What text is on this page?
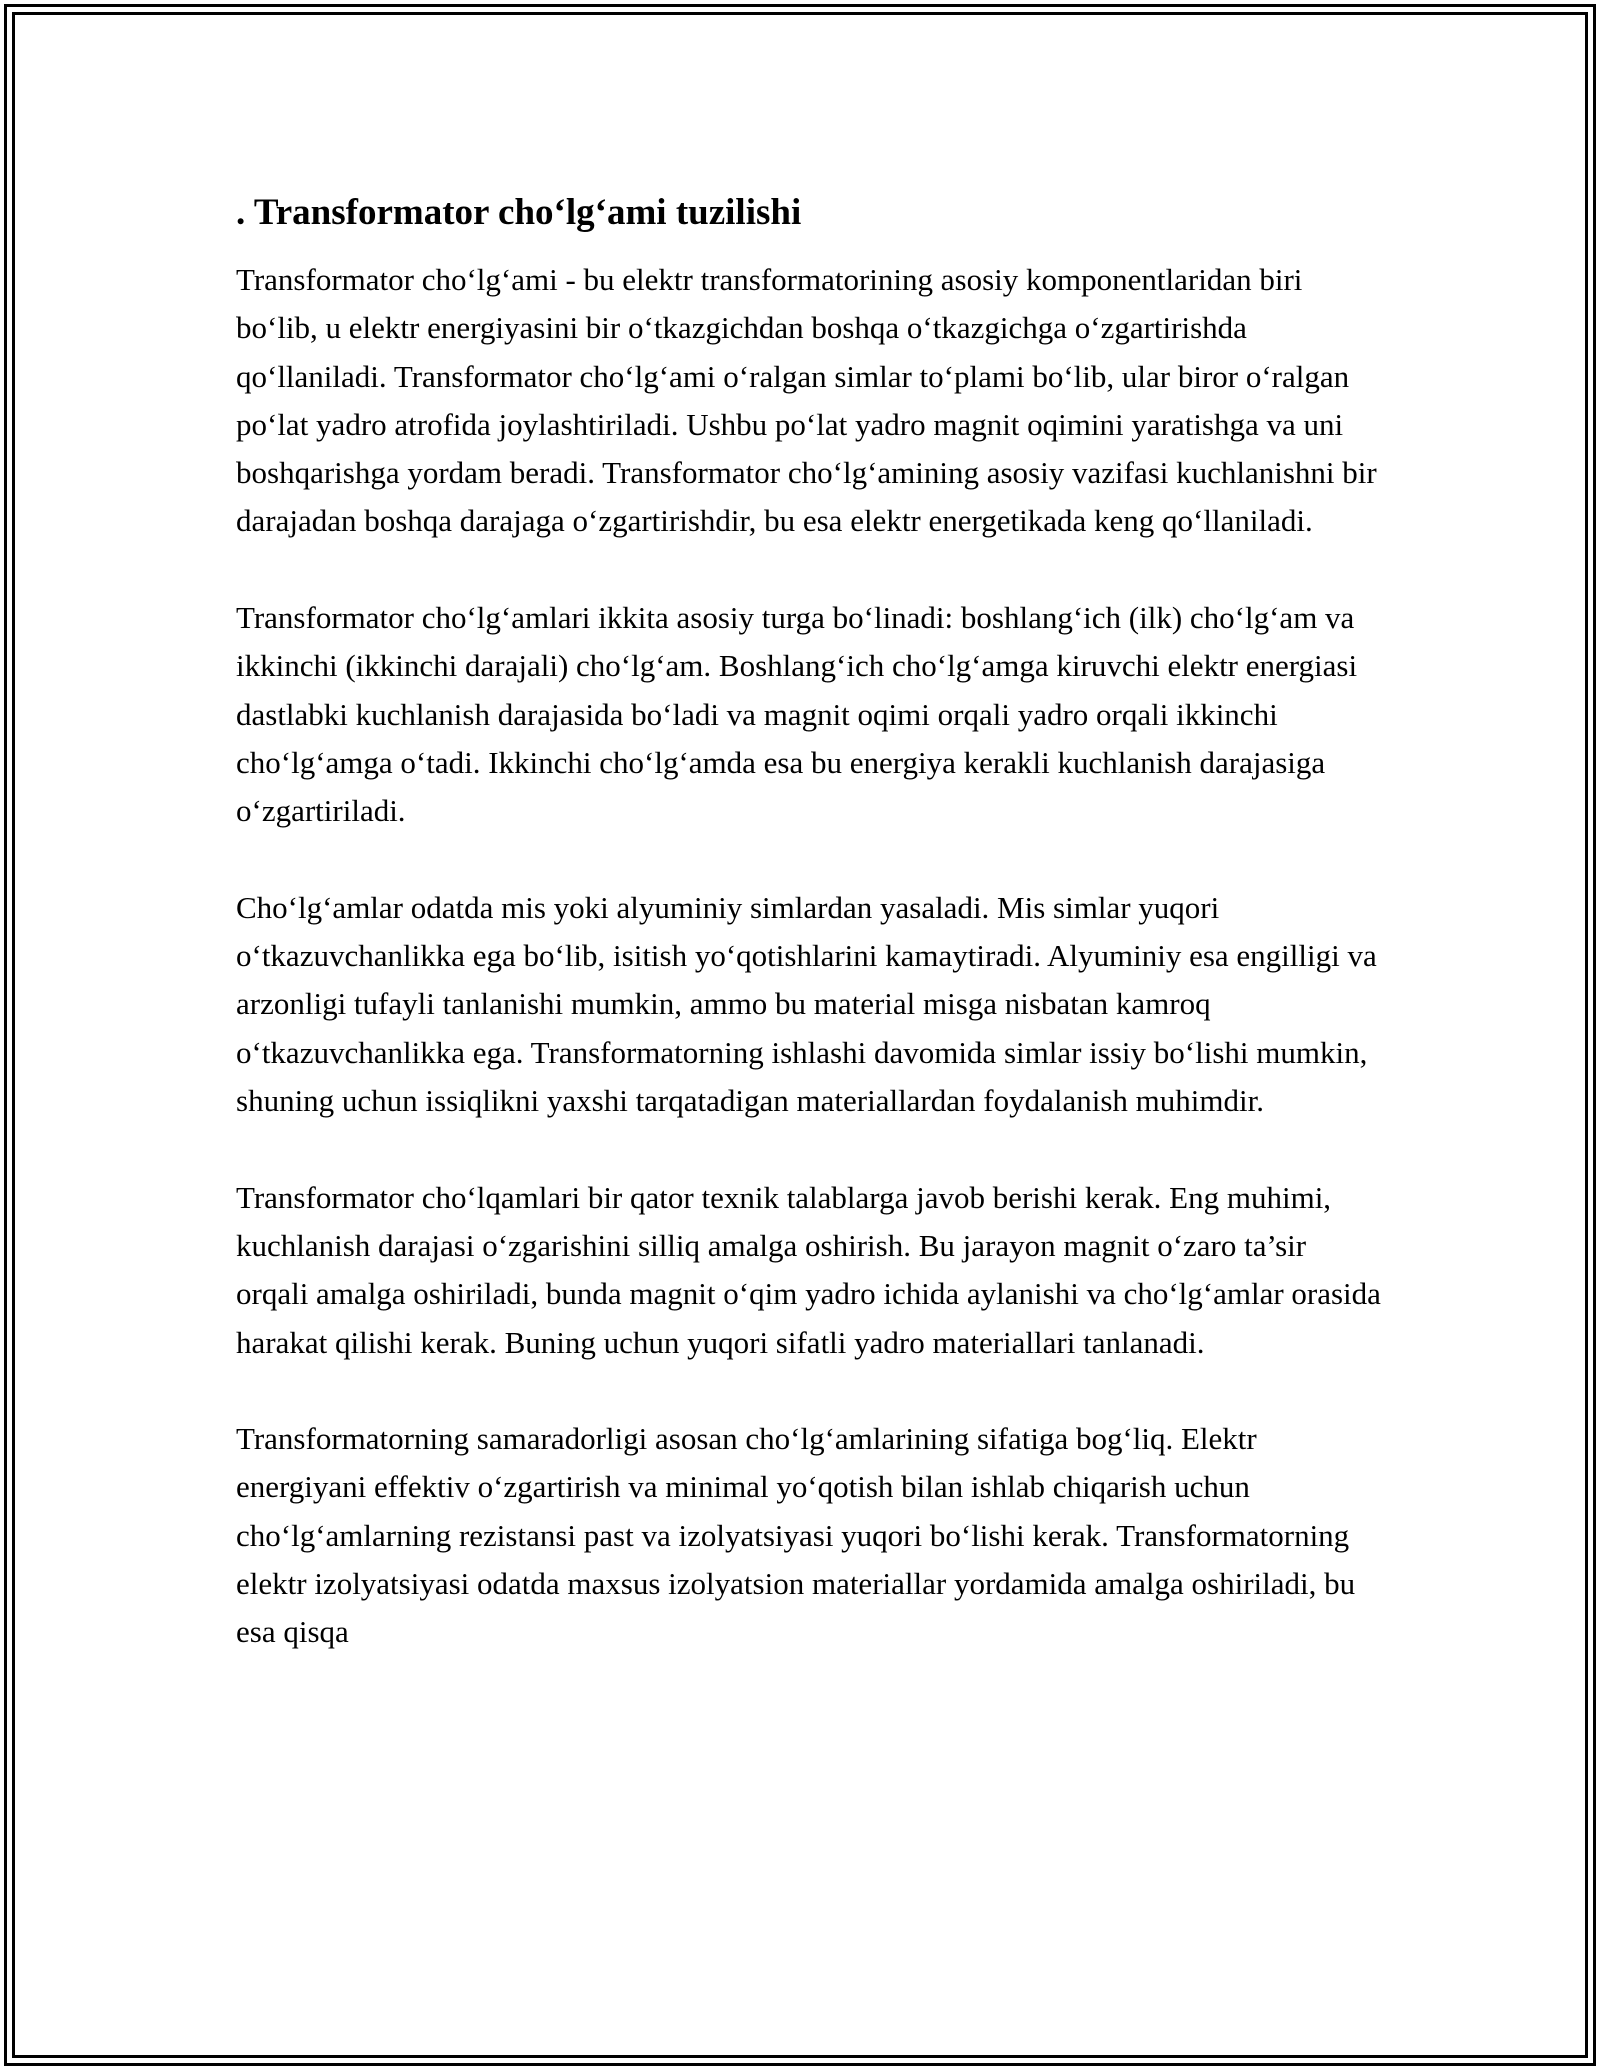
. Transformator cho‘lg‘ami tuzilishi

Transformator cho‘lg‘ami - bu elektr transformatorining asosiy komponentlaridan biri bo‘lib, u elektr energiyasini bir o‘tkazgichdan boshqa o‘tkazgichga o‘zgartirishda qo‘llaniladi. Transformator cho‘lg‘ami o‘ralgan simlar to‘plami bo‘lib, ular biror o‘ralgan po‘lat yadro atrofida joylashtiriladi. Ushbu po‘lat yadro magnit oqimini yaratishga va uni boshqarishga yordam beradi. Transformator cho‘lg‘amining asosiy vazifasi kuchlanishni bir darajadan boshqa darajaga o‘zgartirishdir, bu esa elektr energetikada keng qo‘llaniladi.

Transformator cho‘lg‘amlari ikkita asosiy turga bo‘linadi: boshlang‘ich (ilk) cho‘lg‘am va ikkinchi (ikkinchi darajali) cho‘lg‘am. Boshlang‘ich cho‘lg‘amga kiruvchi elektr energiasi dastlabki kuchlanish darajasida bo‘ladi va magnit oqimi orqali yadro orqali ikkinchi cho‘lg‘amga o‘tadi. Ikkinchi cho‘lg‘amda esa bu energiya kerakli kuchlanish darajasiga o‘zgartiriladi.

Cho‘lg‘amlar odatda mis yoki alyuminiy simlardan yasaladi. Mis simlar yuqori o‘tkazuvchanlikka ega bo‘lib, isitish yo‘qotishlarini kamaytiradi. Alyuminiy esa engilligi va arzonligi tufayli tanlanishi mumkin, ammo bu material misga nisbatan kamroq o‘tkazuvchanlikka ega. Transformatorning ishlashi davomida simlar issiy bo‘lishi mumkin, shuning uchun issiqlikni yaxshi tarqatadigan materiallardan foydalanish muhimdir.

Transformator cho‘lqamlari bir qator texnik talablarga javob berishi kerak. Eng muhimi, kuchlanish darajasi o‘zgarishini silliq amalga oshirish. Bu jarayon magnit o‘zaro ta’sir orqali amalga oshiriladi, bunda magnit o‘qim yadro ichida aylanishi va cho‘lg‘amlar orasida harakat qilishi kerak. Buning uchun yuqori sifatli yadro materiallari tanlanadi.

Transformatorning samaradorligi asosan cho‘lg‘amlarining sifatiga bog‘liq. Elektr energiyani effektiv o‘zgartirish va minimal yo‘qotish bilan ishlab chiqarish uchun cho‘lg‘amlarning rezistansi past va izolyatsiyasi yuqori bo‘lishi kerak. Transformatorning elektr izolyatsiyasi odatda maxsus izolyatsion materiallar yordamida amalga oshiriladi, bu esa qisqa
